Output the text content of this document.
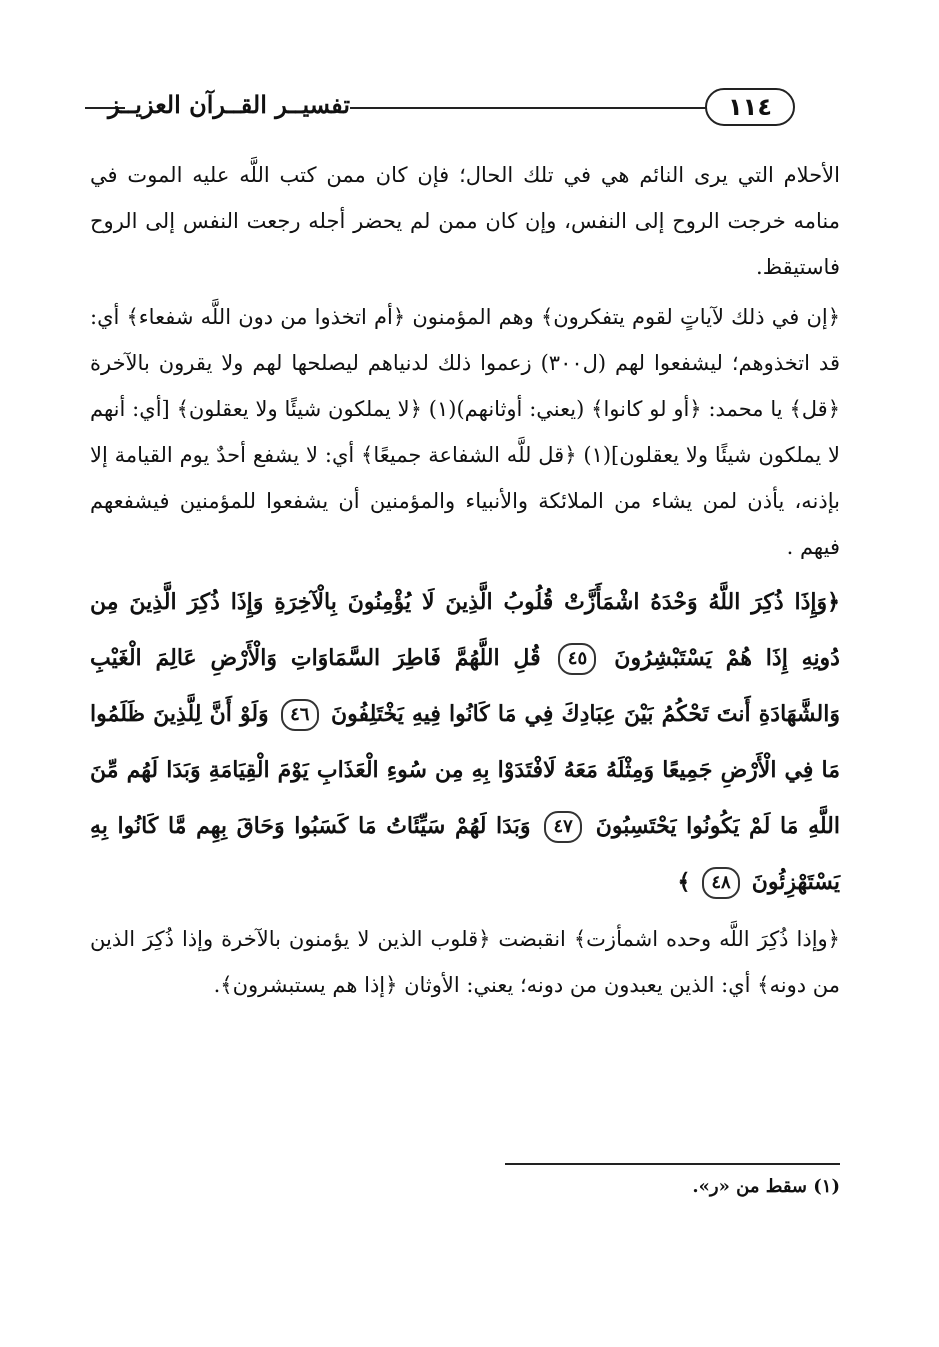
تفسيــر القــرآن العزيــز	١١٤

الأحلام التي يرى النائم هي في تلك الحال؛ فإن كان ممن كتب اللَّه عليه الموت في منامه خرجت الروح إلى النفس، وإن كان ممن لم يحضر أجله رجعت النفس إلى الروح فاستيقظ.

﴿إن في ذلك لآياتٍ لقوم يتفكرون﴾ وهم المؤمنون ﴿أم اتخذوا من دون اللَّه شفعاء﴾ أي: قد اتخذوهم؛ ليشفعوا لهم (ل٣٠٠) زعموا ذلك لدنياهم ليصلحها لهم ولا يقرون بالآخرة ﴿قل﴾ يا محمد: ﴿أو لو كانوا﴾ (يعني: أوثانهم)(١) ﴿لا يملكون شيئًا ولا يعقلون﴾ [أي: أنهم لا يملكون شيئًا ولا يعقلون](١) ﴿قل للَّه الشفاعة جميعًا﴾ أي: لا يشفع أحدٌ يوم القيامة إلا بإذنه، يأذن لمن يشاء من الملائكة والأنبياء والمؤمنين أن يشفعوا للمؤمنين فيشفعهم فيهم .

﴿وَإِذَا ذُكِرَ اللَّهُ وَحْدَهُ اشْمَأَزَّتْ قُلُوبُ الَّذِينَ لَا يُؤْمِنُونَ بِالْآخِرَةِ وَإِذَا ذُكِرَ الَّذِينَ مِن دُونِهِ إِذَا هُمْ يَسْتَبْشِرُونَ ٤٥ قُلِ اللَّهُمَّ فَاطِرَ السَّمَاوَاتِ وَالْأَرْضِ عَالِمَ الْغَيْبِ وَالشَّهَادَةِ أَنتَ تَحْكُمُ بَيْنَ عِبَادِكَ فِي مَا كَانُوا فِيهِ يَخْتَلِفُونَ ٤٦ وَلَوْ أَنَّ لِلَّذِينَ ظَلَمُوا مَا فِي الْأَرْضِ جَمِيعًا وَمِثْلَهُ مَعَهُ لَافْتَدَوْا بِهِ مِن سُوءِ الْعَذَابِ يَوْمَ الْقِيَامَةِ وَبَدَا لَهُم مِّنَ اللَّهِ مَا لَمْ يَكُونُوا يَحْتَسِبُونَ ٤٧ وَبَدَا لَهُمْ سَيِّئَاتُ مَا كَسَبُوا وَحَاقَ بِهِم مَّا كَانُوا بِهِ يَسْتَهْزِئُونَ ٤٨ ﴾

﴿وإذا ذُكِرَ اللَّه وحده اشمأزت﴾ انقبضت ﴿قلوب الذين لا يؤمنون بالآخرة وإذا ذُكِرَ الذين من دونه﴾ أي: الذين يعبدون من دونه؛ يعني: الأوثان ﴿إذا هم يستبشرون﴾.

(١) سقط من «ر».
